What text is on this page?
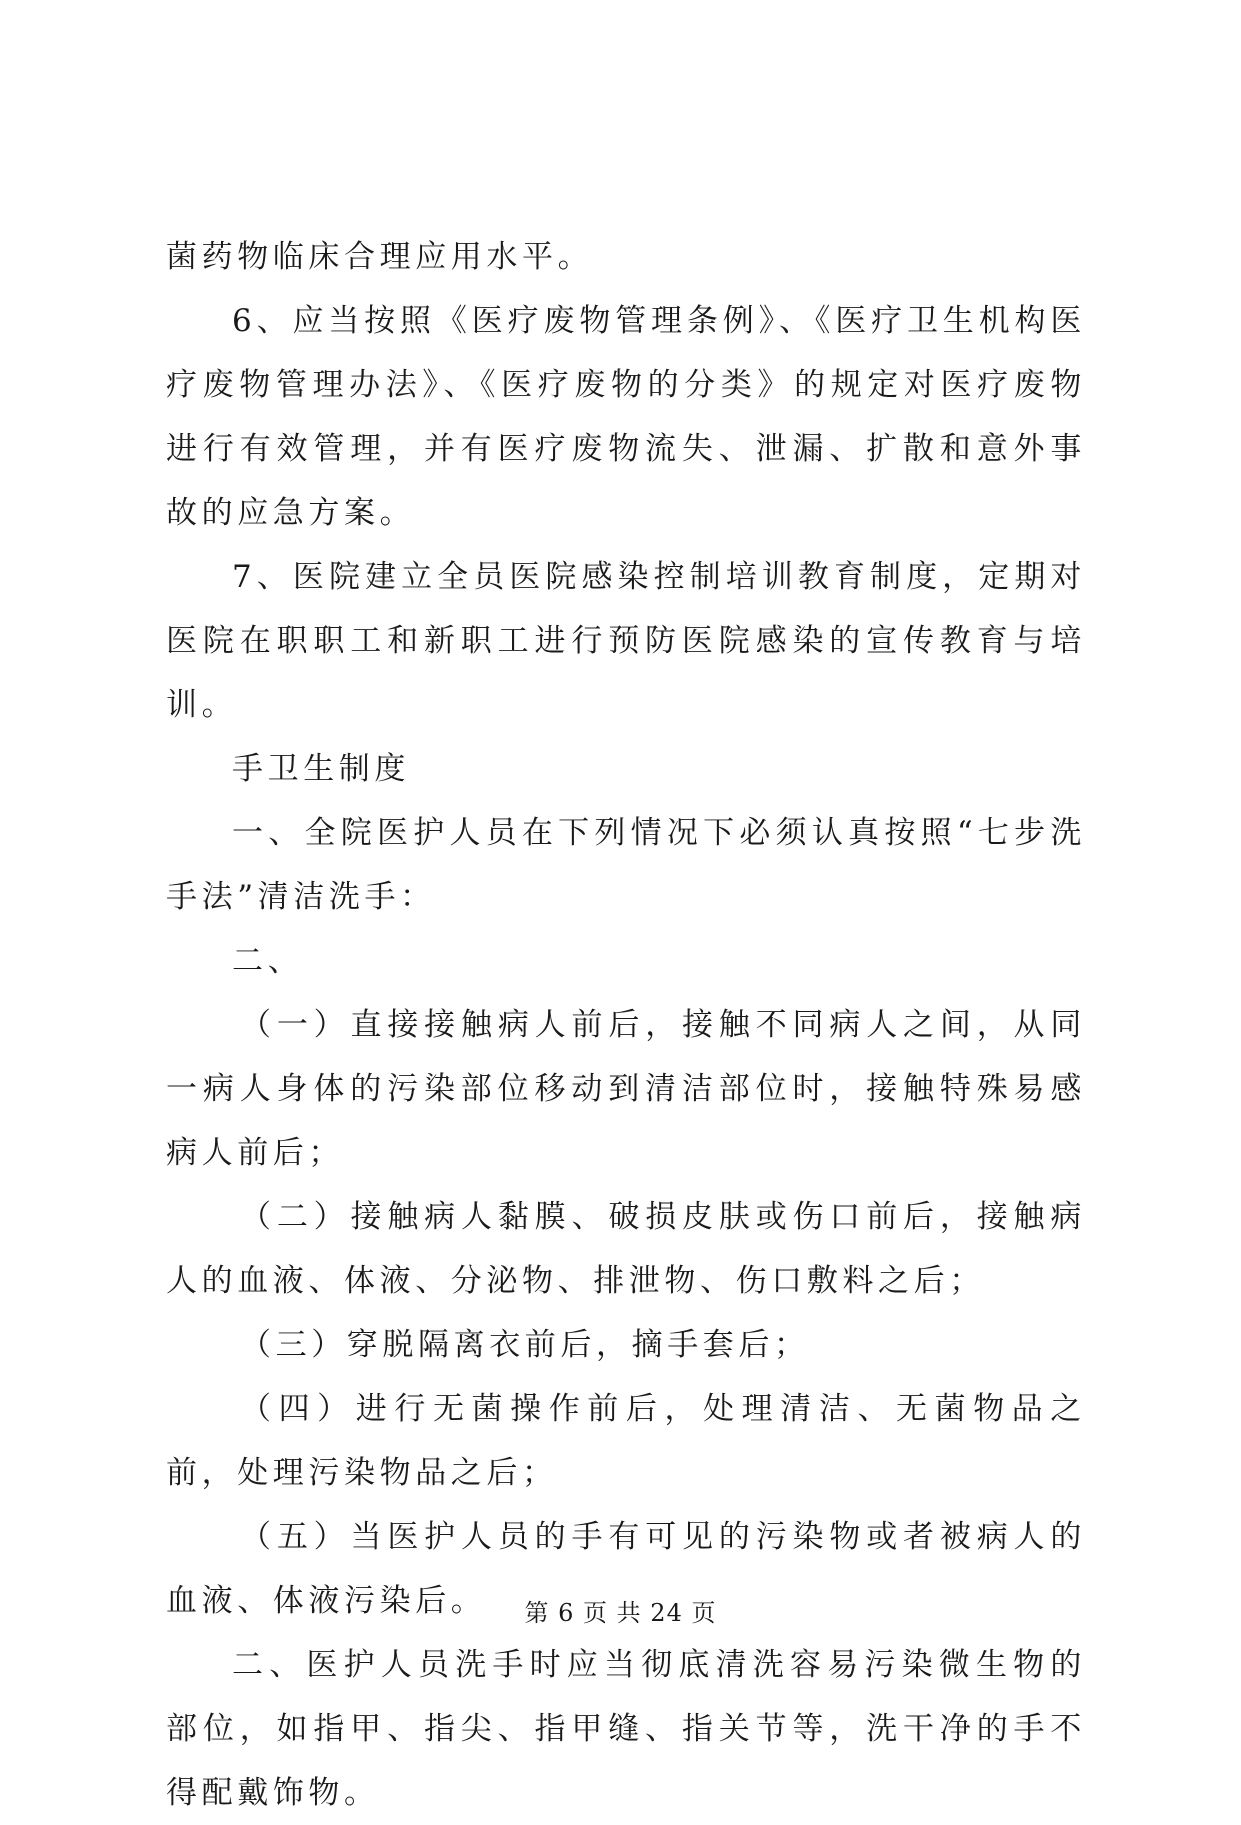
菌药物临床合理应用水平。

6、应当按照《医疗废物管理条例》、《医疗卫生机构医疗废物管理办法》、《医疗废物的分类》的规定对医疗废物进行有效管理，并有医疗废物流失、泄漏、扩散和意外事故的应急方案。

7、医院建立全员医院感染控制培训教育制度，定期对医院在职职工和新职工进行预防医院感染的宣传教育与培训。

手卫生制度

一、全院医护人员在下列情况下必须认真按照“七步洗手法”清洁洗手：

二、

（一）直接接触病人前后，接触不同病人之间，从同一病人身体的污染部位移动到清洁部位时，接触特殊易感病人前后；

（二）接触病人黏膜、破损皮肤或伤口前后，接触病人的血液、体液、分泌物、排泄物、伤口敷料之后；

（三）穿脱隔离衣前后，摘手套后；

（四）进行无菌操作前后，处理清洁、无菌物品之前，处理污染物品之后；

（五）当医护人员的手有可见的污染物或者被病人的血液、体液污染后。

二、医护人员洗手时应当彻底清洗容易污染微生物的部位，如指甲、指尖、指甲缝、指关节等，洗干净的手不得配戴饰物。

第 6 页 共 24 页
